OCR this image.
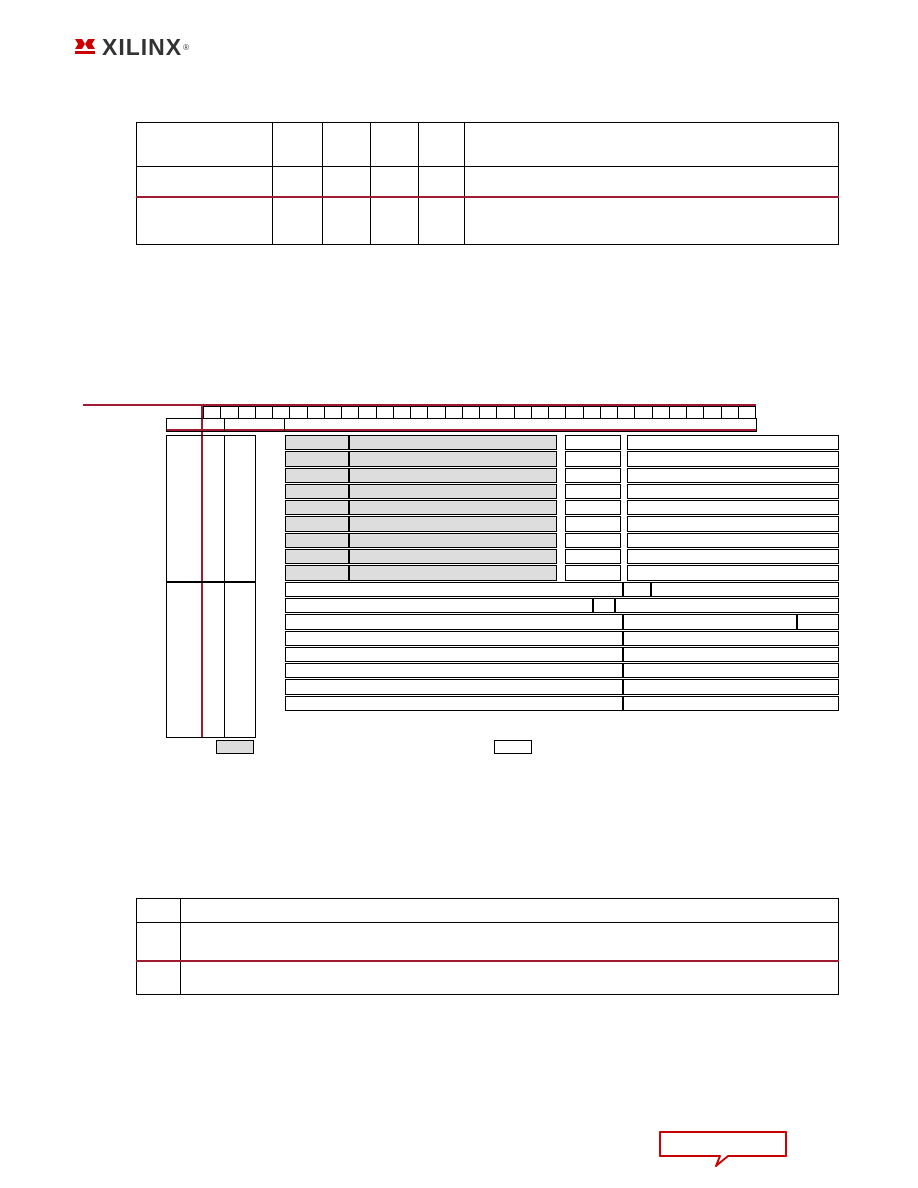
XILINX ®
